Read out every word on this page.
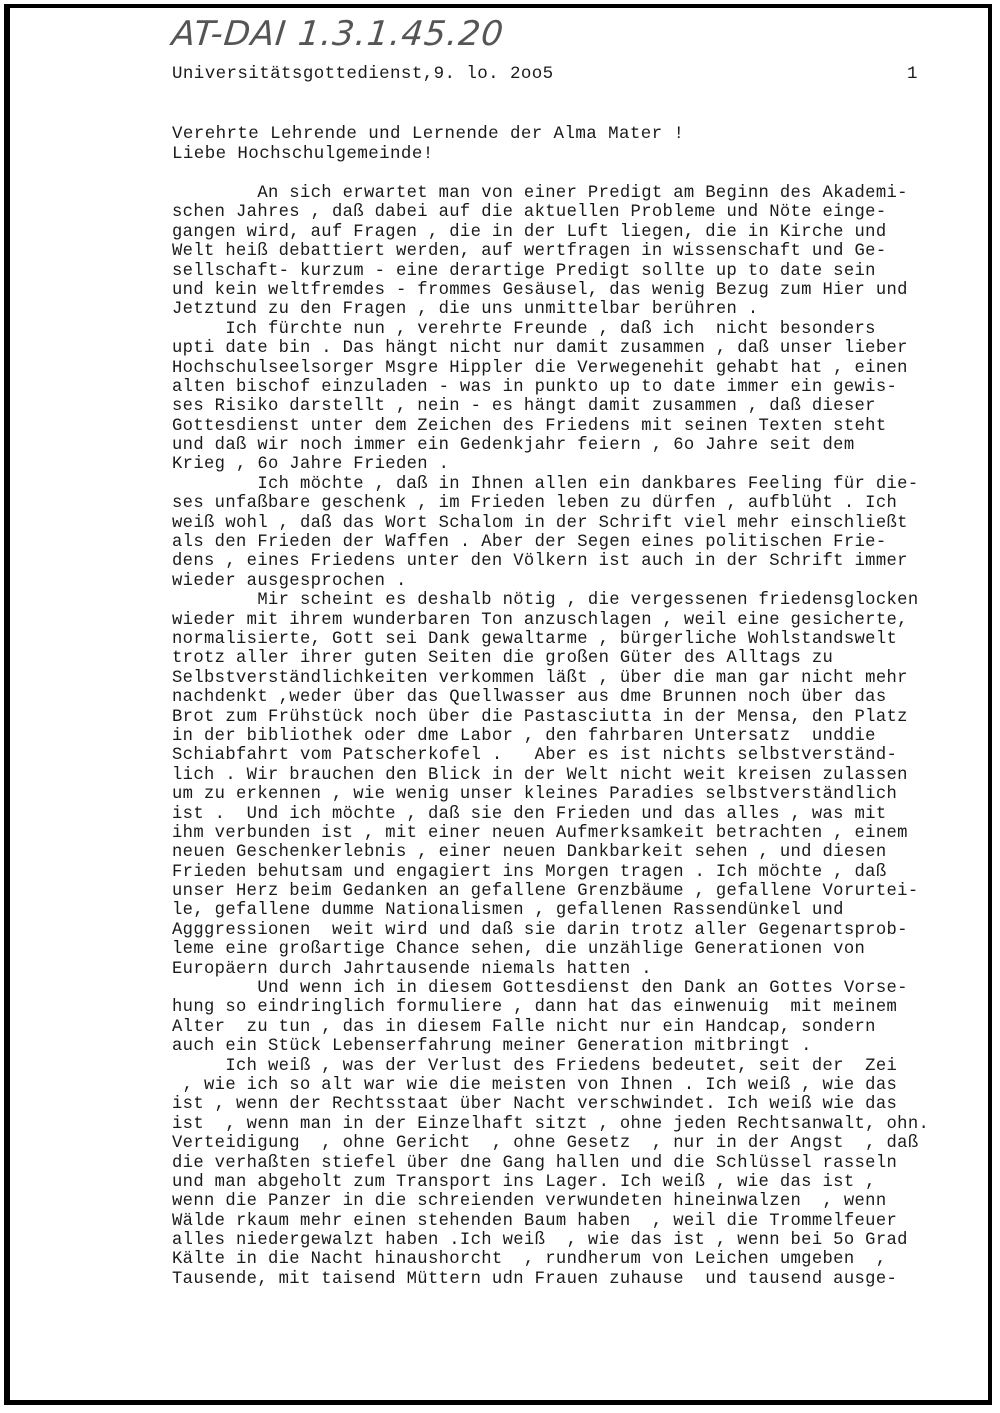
AT-DAI 1.3.1.45.20
Universitätsgottedienst,9. lo. 2oo5	1
Verehrte Lehrende und Lernende der Alma Mater !
Liebe Hochschulgemeinde!
An sich erwartet man von einer Predigt am Beginn des Akademi-
schen Jahres , daß dabei auf die aktuellen Probleme und Nöte einge-
gangen wird, auf Fragen , die in der Luft liegen, die in Kirche und
Welt heiß debattiert werden, auf wertfragen in wissenschaft und Ge-
sellschaft- kurzum - eine derartige Predigt sollte up to date sein
und kein weltfremdes - frommes Gesäusel, das wenig Bezug zum Hier und
Jetztund zu den Fragen , die uns unmittelbar berühren .
Ich fürchte nun , verehrte Freunde , daß ich  nicht besonders
upti date bin . Das hängt nicht nur damit zusammen , daß unser lieber
Hochschulseelsorger Msgre Hippler die Verwegenehit gehabt hat , einen
alten bischof einzuladen - was in punkto up to date immer ein gewis-
ses Risiko darstellt , nein - es hängt damit zusammen , daß dieser
Gottesdienst unter dem Zeichen des Friedens mit seinen Texten steht
und daß wir noch immer ein Gedenkjahr feiern , 6o Jahre seit dem
Krieg , 6o Jahre Frieden .
Ich möchte , daß in Ihnen allen ein dankbares Feeling für die-
ses unfaßbare geschenk , im Frieden leben zu dürfen , aufblüht . Ich
weiß wohl , daß das Wort Schalom in der Schrift viel mehr einschließt
als den Frieden der Waffen . Aber der Segen eines politischen Frie-
dens , eines Friedens unter den Völkern ist auch in der Schrift immer
wieder ausgesprochen .
Mir scheint es deshalb nötig , die vergessenen friedensglocken
wieder mit ihrem wunderbaren Ton anzuschlagen , weil eine gesicherte,
normalisierte, Gott sei Dank gewaltarme , bürgerliche Wohlstandswelt
trotz aller ihrer guten Seiten die großen Güter des Alltags zu
Selbstverständlichkeiten verkommen läßt , über die man gar nicht mehr
nachdenkt ,weder über das Quellwasser aus dme Brunnen noch über das
Brot zum Frühstück noch über die Pastasciutta in der Mensa, den Platz
in der bibliothek oder dme Labor , den fahrbaren Untersatz  unddie
Schiabfahrt vom Patscherkofel .   Aber es ist nichts selbstverständ-
lich . Wir brauchen den Blick in der Welt nicht weit kreisen zulassen
um zu erkennen , wie wenig unser kleines Paradies selbstverständlich
ist .  Und ich möchte , daß sie den Frieden und das alles , was mit
ihm verbunden ist , mit einer neuen Aufmerksamkeit betrachten , einem
neuen Geschenkerlebnis , einer neuen Dankbarkeit sehen , und diesen
Frieden behutsam und engagiert ins Morgen tragen . Ich möchte , daß
unser Herz beim Gedanken an gefallene Grenzbäume , gefallene Vorurtei-
le, gefallene dumme Nationalismen , gefallenen Rassendünkel und
Agggressionen  weit wird und daß sie darin trotz aller Gegenartsprob-
leme eine großartige Chance sehen, die unzählige Generationen von
Europäern durch Jahrtausende niemals hatten .
Und wenn ich in diesem Gottesdienst den Dank an Gottes Vorse-
hung so eindringlich formuliere , dann hat das einwenuig  mit meinem
Alter  zu tun , das in diesem Falle nicht nur ein Handcap, sondern
auch ein Stück Lebenserfahrung meiner Generation mitbringt .
Ich weiß , was der Verlust des Friedens bedeutet, seit der  Zei
, wie ich so alt war wie die meisten von Ihnen . Ich weiß , wie das
ist , wenn der Rechtsstaat über Nacht verschwindet. Ich weiß wie das
ist  , wenn man in der Einzelhaft sitzt , ohne jeden Rechtsanwalt, ohn.
Verteidigung  , ohne Gericht  , ohne Gesetz  , nur in der Angst  , daß
die verhaßten stiefel über dne Gang hallen und die Schlüssel rasseln
und man abgeholt zum Transport ins Lager. Ich weiß , wie das ist ,
wenn die Panzer in die schreienden verwundeten hineinwalzen  , wenn
Wälde rkaum mehr einen stehenden Baum haben  , weil die Trommelfeuer
alles niedergewalzt haben .Ich weiß  , wie das ist , wenn bei 5o Grad
Kälte in die Nacht hinaushorcht  , rundherum von Leichen umgeben  ,
Tausende, mit taisend Müttern udn Frauen zuhause  und tausend ausge-
